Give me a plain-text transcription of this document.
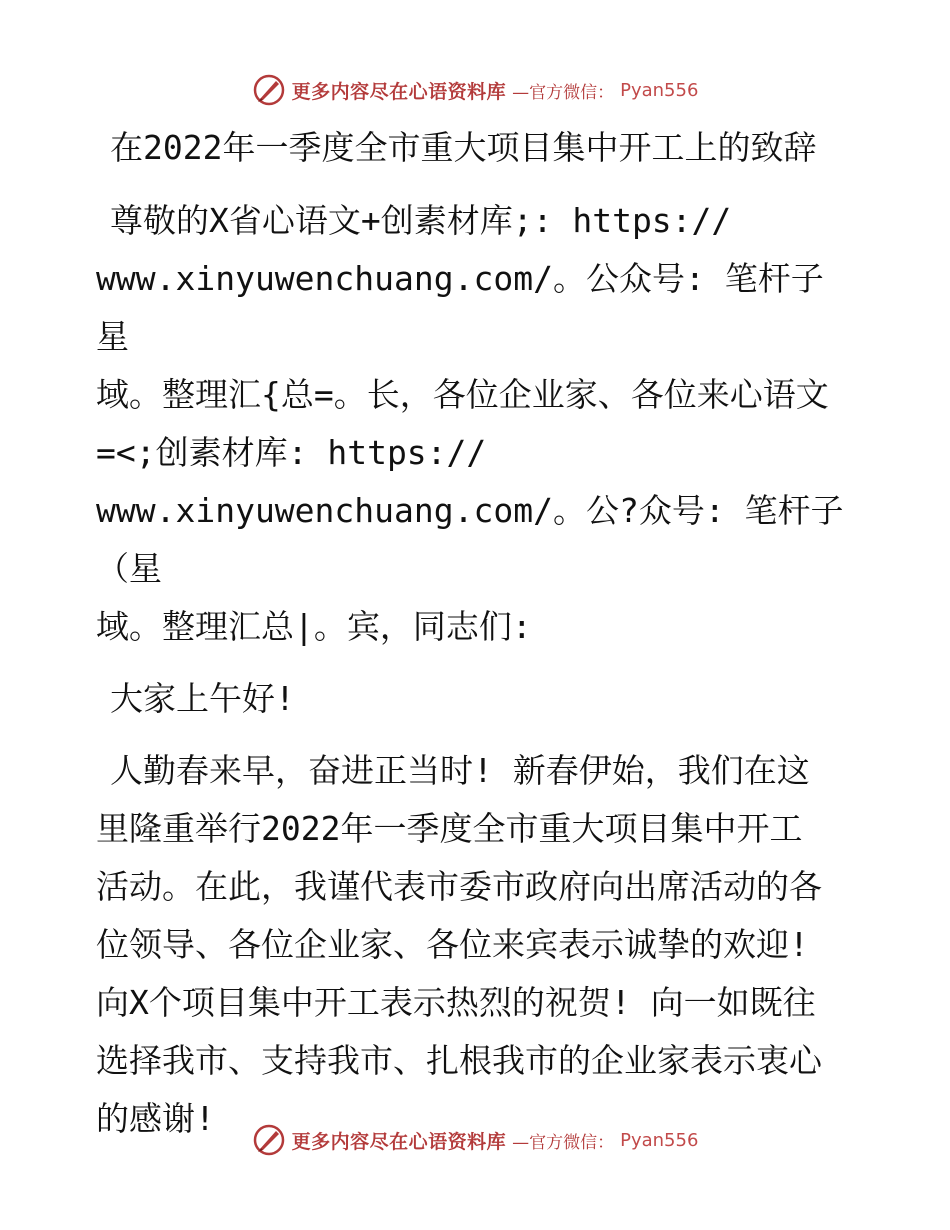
更多内容尽在心语资料库 —官方微信： Pyan556

在2022年一季度全市重大项目集中开工上的致辞

尊敬的X省心语文+创素材库;: https://

www.xinyuwenchuang.com/。公众号: 笔杆子星

域。整理汇{总=。长，各位企业家、各位来心语文

=<;创素材库: https://

www.xinyuwenchuang.com/。公?众号: 笔杆子（星

域。整理汇总|。宾，同志们:

大家上午好!

人勤春来早，奋进正当时! 新春伊始，我们在这

里隆重举行2022年一季度全市重大项目集中开工

活动。在此，我谨代表市委市政府向出席活动的各

位领导、各位企业家、各位来宾表示诚挚的欢迎!

向X个项目集中开工表示热烈的祝贺! 向一如既往

选择我市、支持我市、扎根我市的企业家表示衷心

的感谢!

更多内容尽在心语资料库 —官方微信： Pyan556
